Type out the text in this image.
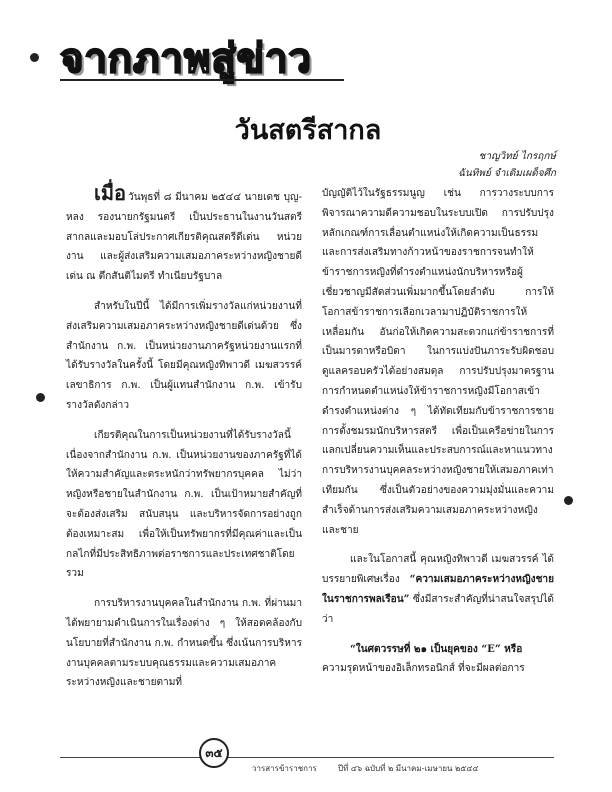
จากภาพสู่ข่าว
วันสตรีสากล
ชาญวิทย์ ไกรฤกษ์
ฉันทิพย์ จำเดิมเผด็จศึก

เมื่อ วันพุธที่ ๘ มีนาคม ๒๕๔๔ นายเดช บุญ-หลง รองนายกรัฐมนตรี เป็นประธานในงานวันสตรีสากลและมอบโล่ประกาศเกียรติคุณสตรีดีเด่น หน่วยงาน และผู้ส่งเสริมความเสมอภาคระหว่างหญิงชายดีเด่น ณ ตึกสันติไมตรี ทำเนียบรัฐบาล

สำหรับในปีนี้ ได้มีการเพิ่มรางวัลแก่หน่วยงานที่ส่งเสริมความเสมอภาคระหว่างหญิงชายดีเด่นด้วย ซึ่งสำนักงาน ก.พ. เป็นหน่วยงานภาครัฐหน่วยงานแรกที่ได้รับรางวัลในครั้งนี้ โดยมีคุณหญิงทิพาวดี เมฆสวรรค์ เลขาธิการ ก.พ. เป็นผู้แทนสำนักงาน ก.พ. เข้ารับรางวัลดังกล่าว

เกียรติคุณในการเป็นหน่วยงานที่ได้รับรางวัลนี้ เนื่องจากสำนักงาน ก.พ. เป็นหน่วยงานของภาครัฐที่ได้ให้ความสำคัญและตระหนักว่าทรัพยากรบุคคล ไม่ว่าหญิงหรือชายในสำนักงาน ก.พ. เป็นเป้าหมายสำคัญที่จะต้องส่งเสริม สนับสนุน และบริหารจัดการอย่างถูกต้องเหมาะสม เพื่อให้เป็นทรัพยากรที่มีคุณค่าและเป็นกลไกที่มีประสิทธิภาพต่อราชการและประเทศชาติโดยรวม

การบริหารงานบุคคลในสำนักงาน ก.พ. ที่ผ่านมาได้พยายามดำเนินการในเรื่องต่าง ๆ ให้สอดคล้องกับนโยบายที่สำนักงาน ก.พ. กำหนดขึ้น ซึ่งเน้นการบริหารงานบุคคลตามระบบคุณธรรมและความเสมอภาคระหว่างหญิงและชายตามที่

บัญญัติไว้ในรัฐธรรมนูญ เช่น การวางระบบการพิจารณาความดีความชอบในระบบเปิด การปรับปรุงหลักเกณฑ์การเลื่อนตำแหน่งให้เกิดความเป็นธรรมและการส่งเสริมทางก้าวหน้าของราชการจนทำให้ข้าราชการหญิงที่ดำรงตำแหน่งนักบริหารหรือผู้เชี่ยวชาญมีสัดส่วนเพิ่มมากขึ้นโดยลำดับ การให้โอกาสข้าราชการเลือกเวลามาปฏิบัติราชการให้เหลื่อมกัน อันก่อให้เกิดความสะดวกแก่ข้าราชการที่เป็นมารดาหรือบิดา ในการแบ่งปันภาระรับผิดชอบดูแลครอบครัวได้อย่างสมดุล การปรับปรุงมาตรฐานการกำหนดตำแหน่งให้ข้าราชการหญิงมีโอกาสเข้าดำรงตำแหน่งต่าง ๆ ได้ทัดเทียมกับข้าราชการชาย การตั้งชมรมนักบริหารสตรี เพื่อเป็นเครือข่ายในการแลกเปลี่ยนความเห็นและประสบการณ์และหาแนวทางการบริหารงานบุคคลระหว่างหญิงชายให้เสมอภาคเท่าเทียมกัน ซึ่งเป็นตัวอย่างของความมุ่งมั่นและความสำเร็จด้านการส่งเสริมความเสมอภาคระหว่างหญิงและชาย

และในโอกาสนี้ คุณหญิงทิพาวดี เมฆสวรรค์ ได้บรรยายพิเศษเรื่อง “ความเสมอภาคระหว่างหญิงชายในราชการพลเรือน” ซึ่งมีสาระสำคัญที่น่าสนใจสรุปได้ว่า

“ในศตวรรษที่ ๒๑ เป็นยุคของ “E” หรือ
ความรุดหน้าของอิเล็กทรอนิกส์ ที่จะมีผลต่อการ

๓๕
วารสารข้าราชการ	ปีที่ ๔๖ ฉบับที่ ๒ มีนาคม-เมษายน ๒๕๔๔
